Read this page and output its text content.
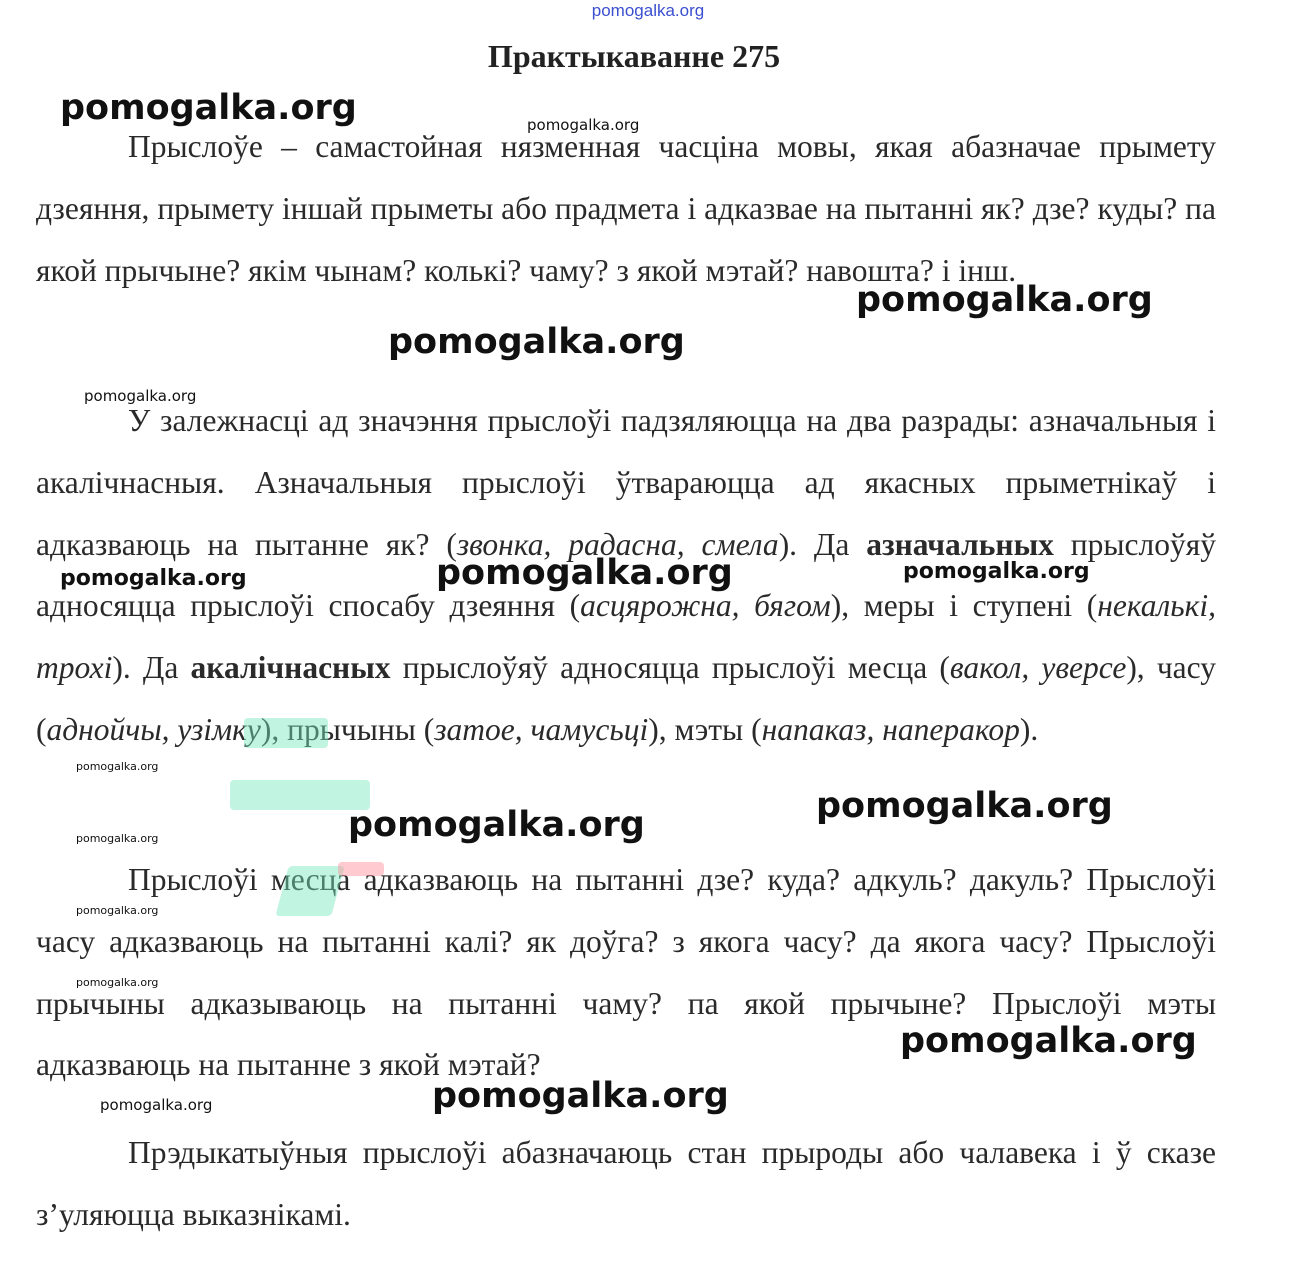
pomogalka.org
Практыкаванне 275

Прыслоўе – самастойная нязменная часціна мовы, якая абазначае прымету дзеяння, прымету іншай прыметы або прадмета і адказвае на пытанні як? дзе? куды? па якой прычыне? якім чынам? колькі? чаму? з якой мэтай? навошта? і інш.

У залежнасці ад значэння прыслоўі падзяляюцца на два разрады: азначальныя і акалічнасныя. Азначальныя прыслоўі ўтвараюцца ад якасных прыметнікаў і адказваюць на пытанне як? (звонка, радасна, смела). Да азначальных прыслоўяў адносяцца прыслоўі спосабу дзеяння (асцярожна, бягом), меры і ступені (некалькі, трохі). Да акалічнасных прыслоўяў адносяцца прыслоўі месца (вакол, уверсе), часу (аднойчы, узімку), прычыны (затое, чамусьці), мэты (напаказ, наперакор).

Прыслоўі месца адказваюць на пытанні дзе? куда? адкуль? дакуль? Прыслоўі часу адказваюць на пытанні калі? як доўга? з якога часу? да якога часу? Прыслоўі прычыны адказываюць на пытанні чаму? па якой прычыне? Прыслоўі мэты адказваюць на пытанне з якой мэтай?

Прэдыкатыўныя прыслоўі абазначаюць стан прыроды або чалавека і ў сказе з’уляюцца выказнікамі.

pomogalka.org	pomogalka.org
pomogalka.org
pomogalka.org
pomogalka.org
pomogalka.org	pomogalka.org	pomogalka.org
pomogalka.org
pomogalka.org
pomogalka.org
pomogalka.org
pomogalka.org
pomogalka.org
pomogalka.org
pomogalka.org
pomogalka.org
